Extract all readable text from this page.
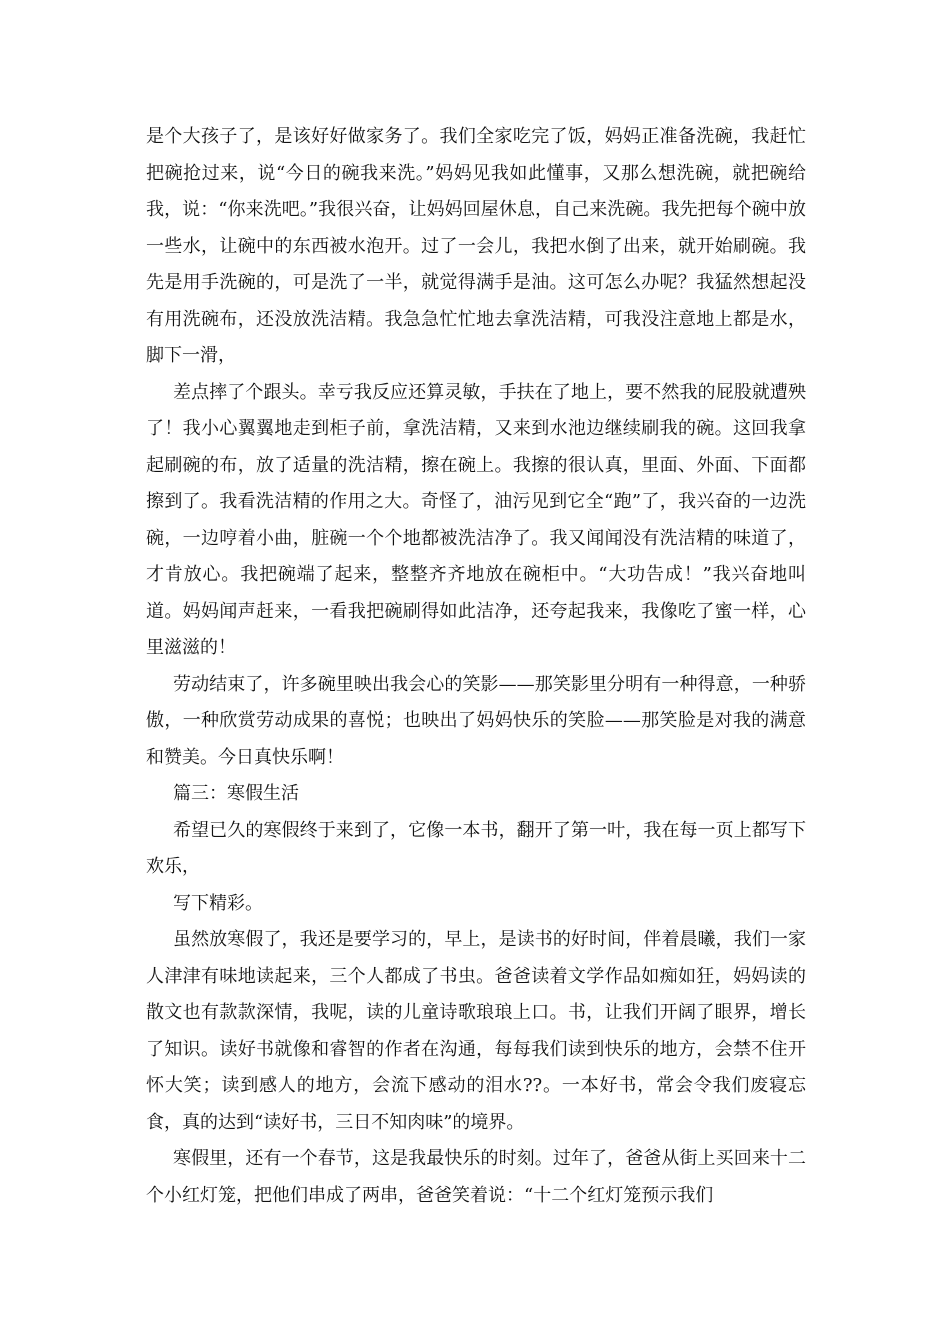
是个大孩子了，是该好好做家务了。我们全家吃完了饭，妈妈正准备洗碗，我赶忙把碗抢过来，说“今日的碗我来洗。”妈妈见我如此懂事，又那么想洗碗，就把碗给我，说：“你来洗吧。”我很兴奋，让妈妈回屋休息，自己来洗碗。我先把每个碗中放一些水，让碗中的东西被水泡开。过了一会儿，我把水倒了出来，就开始刷碗。我先是用手洗碗的，可是洗了一半，就觉得满手是油。这可怎么办呢？我猛然想起没有用洗碗布，还没放洗洁精。我急急忙忙地去拿洗洁精，可我没注意地上都是水，脚下一滑，

差点摔了个跟头。幸亏我反应还算灵敏，手扶在了地上，要不然我的屁股就遭殃了！我小心翼翼地走到柜子前，拿洗洁精，又来到水池边继续刷我的碗。这回我拿起刷碗的布，放了适量的洗洁精，擦在碗上。我擦的很认真，里面、外面、下面都擦到了。我看洗洁精的作用之大。奇怪了，油污见到它全“跑”了，我兴奋的一边洗碗，一边哼着小曲，脏碗一个个地都被洗洁净了。我又闻闻没有洗洁精的味道了，才肯放心。我把碗端了起来，整整齐齐地放在碗柜中。“大功告成！”我兴奋地叫道。妈妈闻声赶来，一看我把碗刷得如此洁净，还夸起我来，我像吃了蜜一样，心里滋滋的！

劳动结束了，许多碗里映出我会心的笑影——那笑影里分明有一种得意，一种骄傲，一种欣赏劳动成果的喜悦；也映出了妈妈快乐的笑脸——那笑脸是对我的满意和赞美。今日真快乐啊！

篇三：寒假生活

希望已久的寒假终于来到了，它像一本书，翻开了第一叶，我在每一页上都写下欢乐，

写下精彩。

虽然放寒假了，我还是要学习的，早上，是读书的好时间，伴着晨曦，我们一家人津津有味地读起来，三个人都成了书虫。爸爸读着文学作品如痴如狂，妈妈读的散文也有款款深情，我呢，读的儿童诗歌琅琅上口。书，让我们开阔了眼界，增长了知识。读好书就像和睿智的作者在沟通，每每我们读到快乐的地方，会禁不住开怀大笑；读到感人的地方，会流下感动的泪水??。一本好书，常会令我们废寝忘食，真的达到“读好书，三日不知肉味”的境界。

寒假里，还有一个春节，这是我最快乐的时刻。过年了，爸爸从街上买回来十二个小红灯笼，把他们串成了两串，爸爸笑着说：“十二个红灯笼预示我们
